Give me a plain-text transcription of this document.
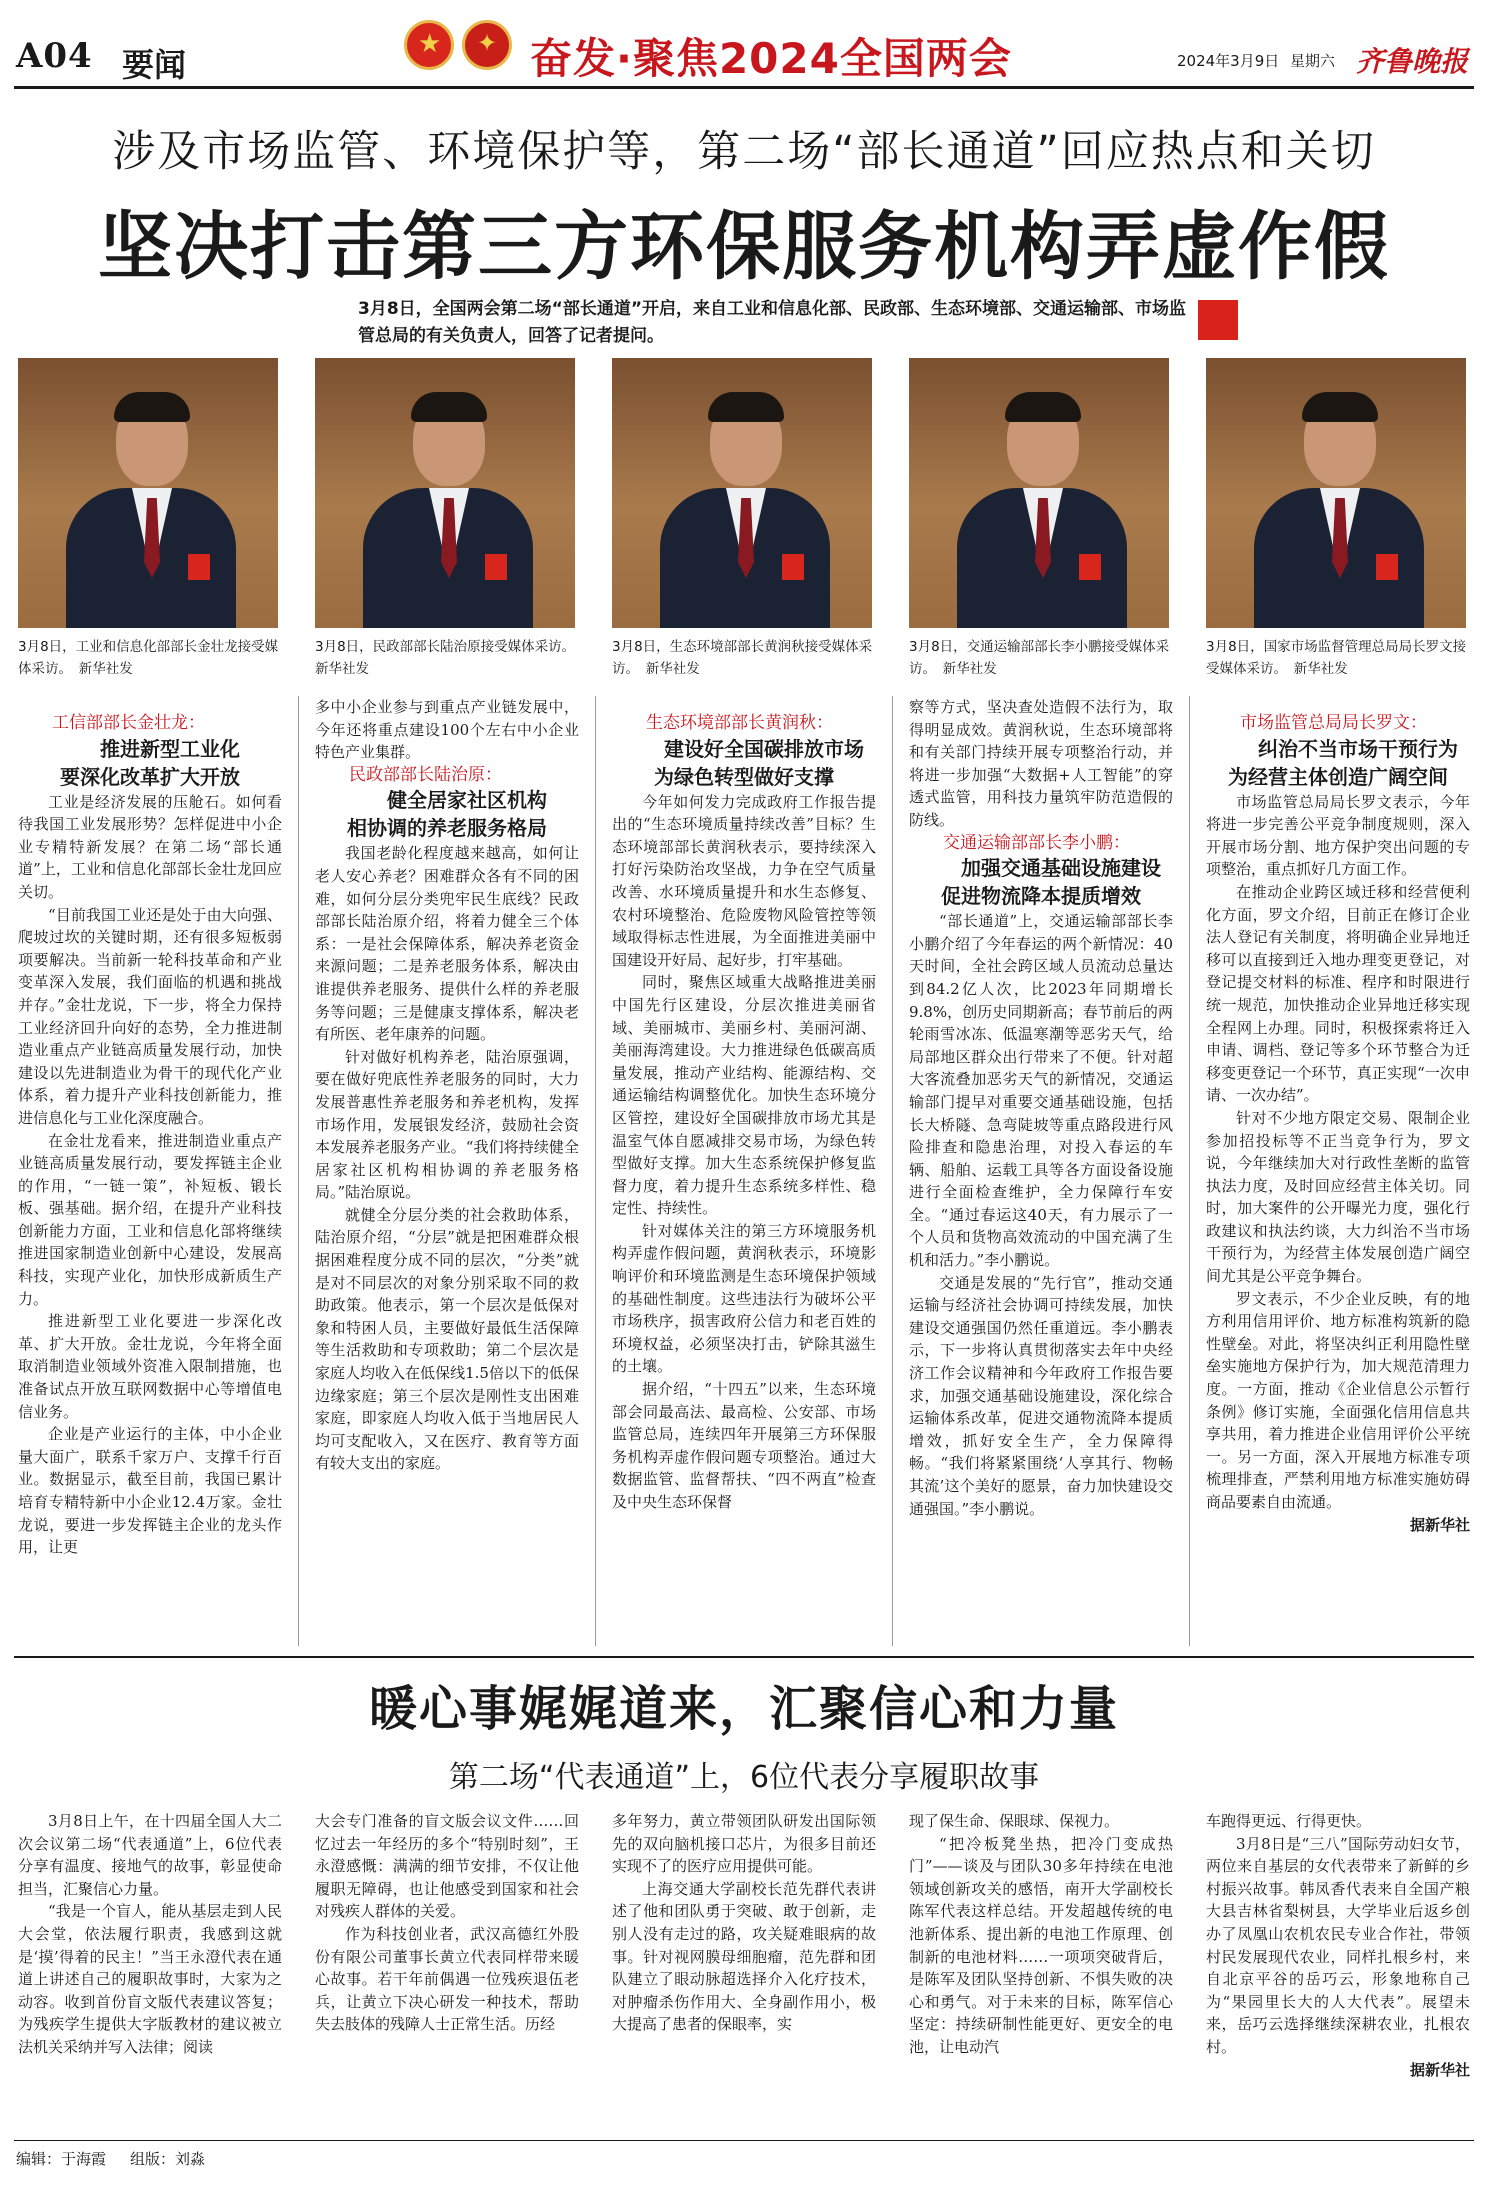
A04 要闻 ★ ✦	奋发·聚焦2024全国两会	2024年3月9日 星期六 齐鲁晚报
涉及市场监管、环境保护等，第二场“部长通道”回应热点和关切
坚决打击第三方环保服务机构弄虚作假
3月8日，全国两会第二场“部长通道”开启，来自工业和信息化部、民政部、生态环境部、交通运输部、市场监管总局的有关负责人，回答了记者提问。
3月8日，工业和信息化部部长金壮龙接受媒体采访。　新华社发
3月8日，民政部部长陆治原接受媒体采访。　新华社发
3月8日，生态环境部部长黄润秋接受媒体采访。　新华社发
3月8日，交通运输部部长李小鹏接受媒体采访。　新华社发
3月8日，国家市场监督管理总局局长罗文接受媒体采访。　新华社发

工信部部长金壮龙：

推进新型工业化
要深化改革扩大开放

工业是经济发展的压舱石。如何看待我国工业发展形势？怎样促进中小企业专精特新发展？在第二场“部长通道”上，工业和信息化部部长金壮龙回应关切。

“目前我国工业还是处于由大向强、爬坡过坎的关键时期，还有很多短板弱项要解决。当前新一轮科技革命和产业变革深入发展，我们面临的机遇和挑战并存。”金壮龙说，下一步，将全力保持工业经济回升向好的态势，全力推进制造业重点产业链高质量发展行动，加快建设以先进制造业为骨干的现代化产业体系，着力提升产业科技创新能力，推进信息化与工业化深度融合。

在金壮龙看来，推进制造业重点产业链高质量发展行动，要发挥链主企业的作用，“一链一策”，补短板、锻长板、强基础。据介绍，在提升产业科技创新能力方面，工业和信息化部将继续推进国家制造业创新中心建设，发展高科技，实现产业化，加快形成新质生产力。

推进新型工业化要进一步深化改革、扩大开放。金壮龙说，今年将全面取消制造业领域外资准入限制措施，也准备试点开放互联网数据中心等增值电信业务。

企业是产业运行的主体，中小企业量大面广，联系千家万户、支撑千行百业。数据显示，截至目前，我国已累计培育专精特新中小企业12.4万家。金壮龙说，要进一步发挥链主企业的龙头作用，让更

多中小企业参与到重点产业链发展中，今年还将重点建设100个左右中小企业特色产业集群。

民政部部长陆治原：

健全居家社区机构
相协调的养老服务格局

我国老龄化程度越来越高，如何让老人安心养老？困难群众各有不同的困难，如何分层分类兜牢民生底线？民政部部长陆治原介绍，将着力健全三个体系：一是社会保障体系，解决养老资金来源问题；二是养老服务体系，解决由谁提供养老服务、提供什么样的养老服务等问题；三是健康支撑体系，解决老有所医、老年康养的问题。

针对做好机构养老，陆治原强调，要在做好兜底性养老服务的同时，大力发展普惠性养老服务和养老机构，发挥市场作用，发展银发经济，鼓励社会资本发展养老服务产业。“我们将持续健全居家社区机构相协调的养老服务格局。”陆治原说。

就健全分层分类的社会救助体系，陆治原介绍，“分层”就是把困难群众根据困难程度分成不同的层次，“分类”就是对不同层次的对象分别采取不同的救助政策。他表示，第一个层次是低保对象和特困人员，主要做好最低生活保障等生活救助和专项救助；第二个层次是家庭人均收入在低保线1.5倍以下的低保边缘家庭；第三个层次是刚性支出困难家庭，即家庭人均收入低于当地居民人均可支配收入，又在医疗、教育等方面有较大支出的家庭。

生态环境部部长黄润秋：

建设好全国碳排放市场
为绿色转型做好支撑

今年如何发力完成政府工作报告提出的“生态环境质量持续改善”目标？生态环境部部长黄润秋表示，要持续深入打好污染防治攻坚战，力争在空气质量改善、水环境质量提升和水生态修复、农村环境整治、危险废物风险管控等领域取得标志性进展，为全面推进美丽中国建设开好局、起好步，打牢基础。

同时，聚焦区域重大战略推进美丽中国先行区建设，分层次推进美丽省域、美丽城市、美丽乡村、美丽河湖、美丽海湾建设。大力推进绿色低碳高质量发展，推动产业结构、能源结构、交通运输结构调整优化。加快生态环境分区管控，建设好全国碳排放市场尤其是温室气体自愿减排交易市场，为绿色转型做好支撑。加大生态系统保护修复监督力度，着力提升生态系统多样性、稳定性、持续性。

针对媒体关注的第三方环境服务机构弄虚作假问题，黄润秋表示，环境影响评价和环境监测是生态环境保护领域的基础性制度。这些违法行为破坏公平市场秩序，损害政府公信力和老百姓的环境权益，必须坚决打击，铲除其滋生的土壤。

据介绍，“十四五”以来，生态环境部会同最高法、最高检、公安部、市场监管总局，连续四年开展第三方环保服务机构弄虚作假问题专项整治。通过大数据监管、监督帮扶、“四不两直”检查及中央生态环保督

察等方式，坚决查处造假不法行为，取得明显成效。黄润秋说，生态环境部将和有关部门持续开展专项整治行动，并将进一步加强“大数据+人工智能”的穿透式监管，用科技力量筑牢防范造假的防线。

交通运输部部长李小鹏：

加强交通基础设施建设
促进物流降本提质增效

“部长通道”上，交通运输部部长李小鹏介绍了今年春运的两个新情况：40天时间，全社会跨区域人员流动总量达到84.2亿人次，比2023年同期增长9.8%，创历史同期新高；春节前后的两轮雨雪冰冻、低温寒潮等恶劣天气，给局部地区群众出行带来了不便。针对超大客流叠加恶劣天气的新情况，交通运输部门提早对重要交通基础设施，包括长大桥隧、急弯陡坡等重点路段进行风险排查和隐患治理，对投入春运的车辆、船舶、运载工具等各方面设备设施进行全面检查维护，全力保障行车安全。“通过春运这40天，有力展示了一个人员和货物高效流动的中国充满了生机和活力。”李小鹏说。

交通是发展的“先行官”，推动交通运输与经济社会协调可持续发展，加快建设交通强国仍然任重道远。李小鹏表示，下一步将认真贯彻落实去年中央经济工作会议精神和今年政府工作报告要求，加强交通基础设施建设，深化综合运输体系改革，促进交通物流降本提质增效，抓好安全生产，全力保障得畅。“我们将紧紧围绕‘人享其行、物畅其流’这个美好的愿景，奋力加快建设交通强国。”李小鹏说。

市场监管总局局长罗文：

纠治不当市场干预行为
为经营主体创造广阔空间

市场监管总局局长罗文表示，今年将进一步完善公平竞争制度规则，深入开展市场分割、地方保护突出问题的专项整治，重点抓好几方面工作。

在推动企业跨区域迁移和经营便利化方面，罗文介绍，目前正在修订企业法人登记有关制度，将明确企业异地迁移可以直接到迁入地办理变更登记，对登记提交材料的标准、程序和时限进行统一规范，加快推动企业异地迁移实现全程网上办理。同时，积极探索将迁入申请、调档、登记等多个环节整合为迁移变更登记一个环节，真正实现“一次申请、一次办结”。

针对不少地方限定交易、限制企业参加招投标等不正当竞争行为，罗文说，今年继续加大对行政性垄断的监管执法力度，及时回应经营主体关切。同时，加大案件的公开曝光力度，强化行政建议和执法约谈，大力纠治不当市场干预行为，为经营主体发展创造广阔空间尤其是公平竞争舞台。

罗文表示，不少企业反映，有的地方利用信用评价、地方标准构筑新的隐性壁垒。对此，将坚决纠正利用隐性壁垒实施地方保护行为，加大规范清理力度。一方面，推动《企业信息公示暂行条例》修订实施，全面强化信用信息共享共用，着力推进企业信用评价公平统一。另一方面，深入开展地方标准专项梳理排查，严禁利用地方标准实施妨碍商品要素自由流通。

据新华社

暖心事娓娓道来，汇聚信心和力量
第二场“代表通道”上，6位代表分享履职故事

3月8日上午，在十四届全国人大二次会议第二场“代表通道”上，6位代表分享有温度、接地气的故事，彰显使命担当，汇聚信心力量。

“我是一个盲人，能从基层走到人民大会堂，依法履行职责，我感到这就是‘摸’得着的民主！”当王永澄代表在通道上讲述自己的履职故事时，大家为之动容。收到首份盲文版代表建议答复；为残疾学生提供大字版教材的建议被立法机关采纳并写入法律；阅读

大会专门准备的盲文版会议文件……回忆过去一年经历的多个“特别时刻”，王永澄感慨：满满的细节安排，不仅让他履职无障碍，也让他感受到国家和社会对残疾人群体的关爱。

作为科技创业者，武汉高德红外股份有限公司董事长黄立代表同样带来暖心故事。若干年前偶遇一位残疾退伍老兵，让黄立下决心研发一种技术，帮助失去肢体的残障人士正常生活。历经

多年努力，黄立带领团队研发出国际领先的双向脑机接口芯片，为很多目前还实现不了的医疗应用提供可能。

上海交通大学副校长范先群代表讲述了他和团队勇于突破、敢于创新，走别人没有走过的路，攻关疑难眼病的故事。针对视网膜母细胞瘤，范先群和团队建立了眼动脉超选择介入化疗技术，对肿瘤杀伤作用大、全身副作用小，极大提高了患者的保眼率，实

现了保生命、保眼球、保视力。

“把冷板凳坐热，把冷门变成热门”——谈及与团队30多年持续在电池领域创新攻关的感悟，南开大学副校长陈军代表这样总结。开发超越传统的电池新体系、提出新的电池工作原理、创制新的电池材料……一项项突破背后，是陈军及团队坚持创新、不惧失败的决心和勇气。对于未来的目标，陈军信心坚定：持续研制性能更好、更安全的电池，让电动汽

车跑得更远、行得更快。

3月8日是“三八”国际劳动妇女节，两位来自基层的女代表带来了新鲜的乡村振兴故事。韩凤香代表来自全国产粮大县吉林省梨树县，大学毕业后返乡创办了凤凰山农机农民专业合作社，带领村民发展现代农业，同样扎根乡村，来自北京平谷的岳巧云，形象地称自己为“果园里长大的人大代表”。展望未来，岳巧云选择继续深耕农业，扎根农村。

据新华社

编辑：于海霞 组版：刘淼
